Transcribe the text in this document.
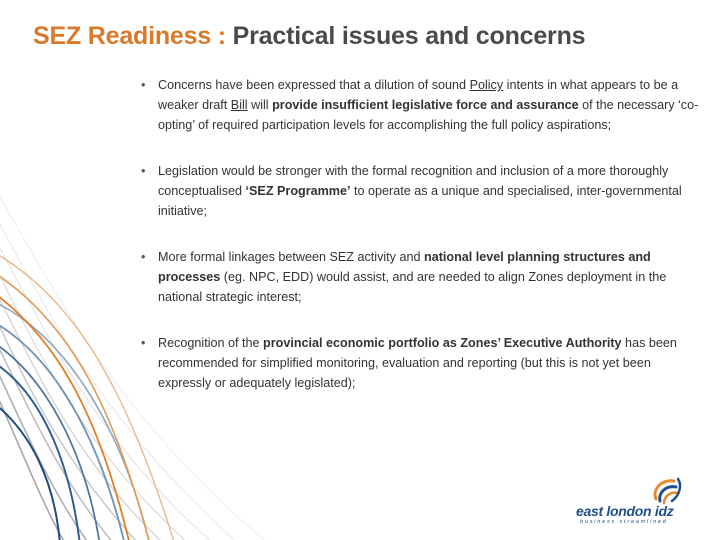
SEZ Readiness : Practical issues and concerns
• Concerns have been expressed that a dilution of sound Policy intents in what appears to be a weaker draft Bill will provide insufficient legislative force and assurance of the necessary ‘co-opting’ of required participation levels for accomplishing the full policy aspirations;
• Legislation would be stronger with the formal recognition and inclusion of a more thoroughly conceptualised ‘SEZ Programme’ to operate as a unique and specialised, inter-governmental initiative;
• More formal linkages between SEZ activity and national level planning structures and processes (eg. NPC, EDD) would assist, and are needed to align Zones deployment in the national strategic interest;
• Recognition of the provincial economic portfolio as Zones’ Executive Authority has been recommended for simplified monitoring, evaluation and reporting (but this is not yet been expressly or adequately legislated);
east london idz
business streamlined
